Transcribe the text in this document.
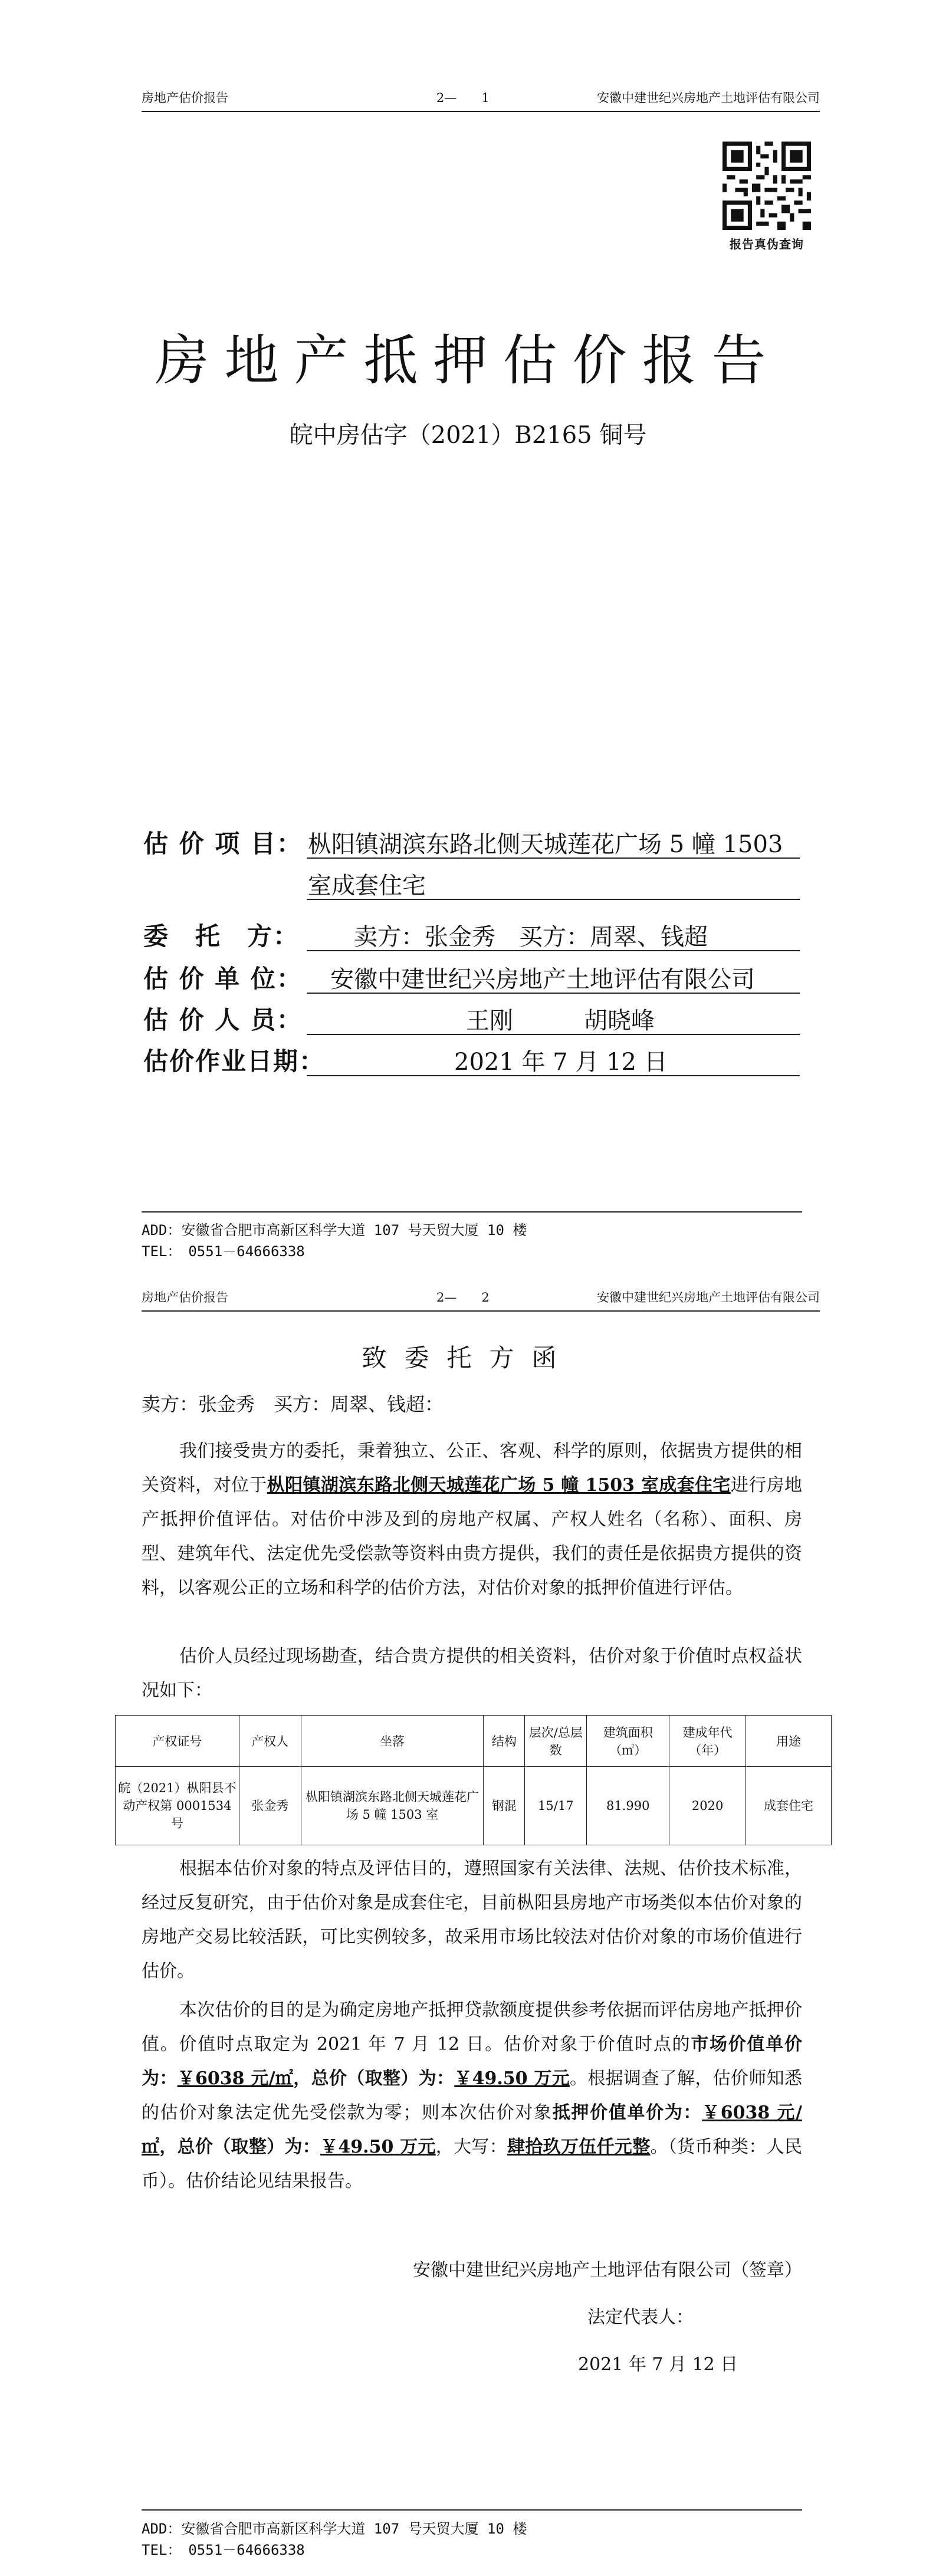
房地产估价报告	2—　　1	安徽中建世纪兴房地产土地评估有限公司
报告真伪查询
房地产抵押估价报告
皖中房估字（2021）B2165 铜号
估 价 项 目： 枞阳镇湖滨东路北侧天城莲花广场 5 幢 1503
室成套住宅
委　托　方： 卖方：张金秀　买方：周翠、钱超
估 价 单 位： 安徽中建世纪兴房地产土地评估有限公司
估 价 人 员：	王刚　　　胡晓峰
估价作业日期：	2021 年 7 月 12 日
ADD：安徽省合肥市高新区科学大道 107 号天贸大厦 10 楼
TEL：　0551－64666338
房地产估价报告	2—　　2	安徽中建世纪兴房地产土地评估有限公司
致委托方函
卖方：张金秀　买方：周翠、钱超：
我们接受贵方的委托，秉着独立、公正、客观、科学的原则，依据贵方提供的相关资料，对位于枞阳镇湖滨东路北侧天城莲花广场 5 幢 1503 室成套住宅进行房地产抵押价值评估。对估价中涉及到的房地产权属、产权人姓名（名称）、面积、房型、建筑年代、法定优先受偿款等资料由贵方提供，我们的责任是依据贵方提供的资料，以客观公正的立场和科学的估价方法，对估价对象的抵押价值进行评估。
估价人员经过现场勘查，结合贵方提供的相关资料，估价对象于价值时点权益状况如下：
产权证号	产权人	坐落	结构	层次/总层数	建筑面积（㎡）	建成年代（年）	用途
皖（2021）枞阳县不动产权第 0001534 号	张金秀	枞阳镇湖滨东路北侧天城莲花广场 5 幢 1503 室	钢混	15/17	81.990	2020	成套住宅
根据本估价对象的特点及评估目的，遵照国家有关法律、法规、估价技术标准，经过反复研究，由于估价对象是成套住宅，目前枞阳县房地产市场类似本估价对象的房地产交易比较活跃，可比实例较多，故采用市场比较法对估价对象的市场价值进行估价。
本次估价的目的是为确定房地产抵押贷款额度提供参考依据而评估房地产抵押价值。价值时点取定为 2021 年 7 月 12 日。估价对象于价值时点的市场价值单价为：￥6038 元/㎡，总价（取整）为：￥49.50 万元。根据调查了解，估价师知悉的估价对象法定优先受偿款为零；则本次估价对象抵押价值单价为：￥6038 元/㎡，总价（取整）为：￥49.50 万元，大写：肆拾玖万伍仟元整。（货币种类：人民币）。估价结论见结果报告。
安徽中建世纪兴房地产土地评估有限公司（签章）
法定代表人：
2021 年 7 月 12 日
ADD：安徽省合肥市高新区科学大道 107 号天贸大厦 10 楼
TEL：　0551－64666338
